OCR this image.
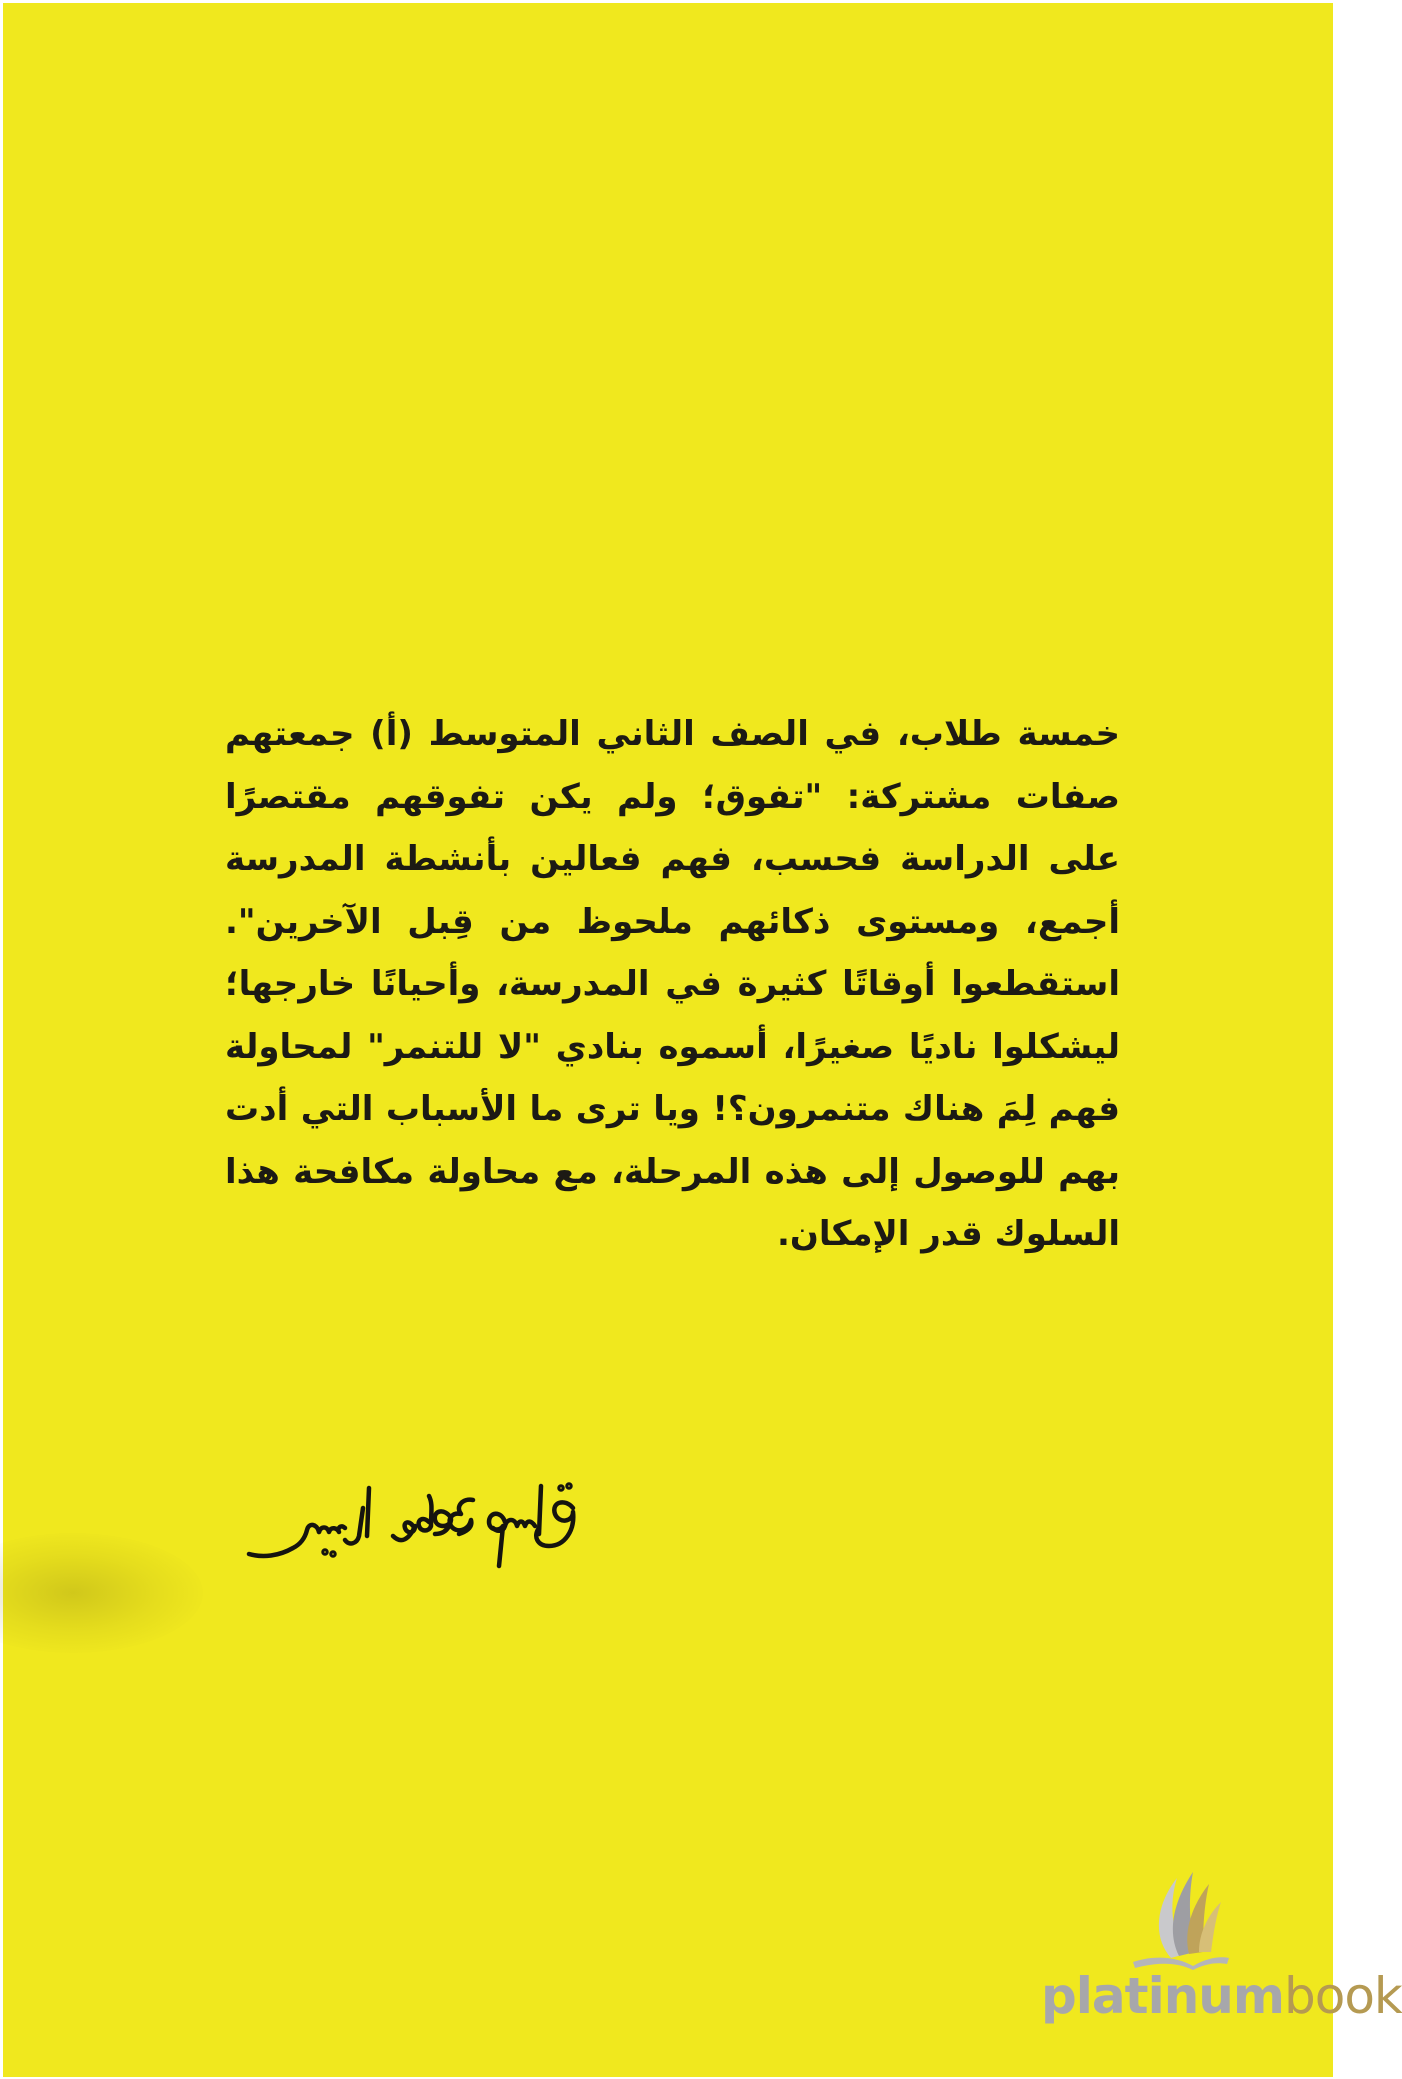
خمسة طلاب، في الصف الثاني المتوسط (أ) جمعتهم صفات مشتركة: "تفوق؛ ولم يكن تفوقهم مقتصرًا على الدراسة فحسب، فهم فعالين بأنشطة المدرسة أجمع، ومستوى ذكائهم ملحوظ من قِبل الآخرين". استقطعوا أوقاتًا كثيرة في المدرسة، وأحيانًا خارجها؛ ليشكلوا ناديًا صغيرًا، أسموه بنادي "لا للتنمر" لمحاولة فهم لِمَ هناك متنمرون؟! ويا ترى ما الأسباب التي أدت بهم للوصول إلى هذه المرحلة، مع محاولة مكافحة هذا السلوك قدر الإمكان.

platinumbook
